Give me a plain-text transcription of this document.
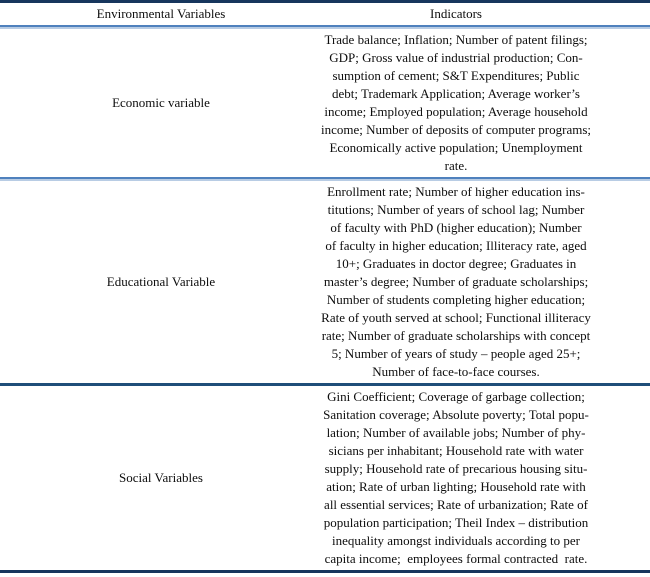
Environmental Variables	Indicators
Economic variable
Trade balance; Inflation; Number of patent filings;
GDP; Gross value of industrial production; Con-
sumption of cement; S&T Expenditures; Public
debt; Trademark Application; Average worker’s
income; Employed population; Average household
income; Number of deposits of computer programs;
Economically active population; Unemployment
rate.
Educational Variable
Enrollment rate; Number of higher education ins-
titutions; Number of years of school lag; Number
of faculty with PhD (higher education); Number
of faculty in higher education; Illiteracy rate, aged
10+; Graduates in doctor degree; Graduates in
master’s degree; Number of graduate scholarships;
Number of students completing higher education;
Rate of youth served at school; Functional illiteracy
rate; Number of graduate scholarships with concept
5; Number of years of study – people aged 25+;
Number of face-to-face courses.
Social Variables
Gini Coefficient; Coverage of garbage collection;
Sanitation coverage; Absolute poverty; Total popu-
lation; Number of available jobs; Number of phy-
sicians per inhabitant; Household rate with water
supply; Household rate of precarious housing situ-
ation; Rate of urban lighting; Household rate with
all essential services; Rate of urbanization; Rate of
population participation; Theil Index – distribution
inequality amongst individuals according to per
capita income;  employees formal contracted  rate.
